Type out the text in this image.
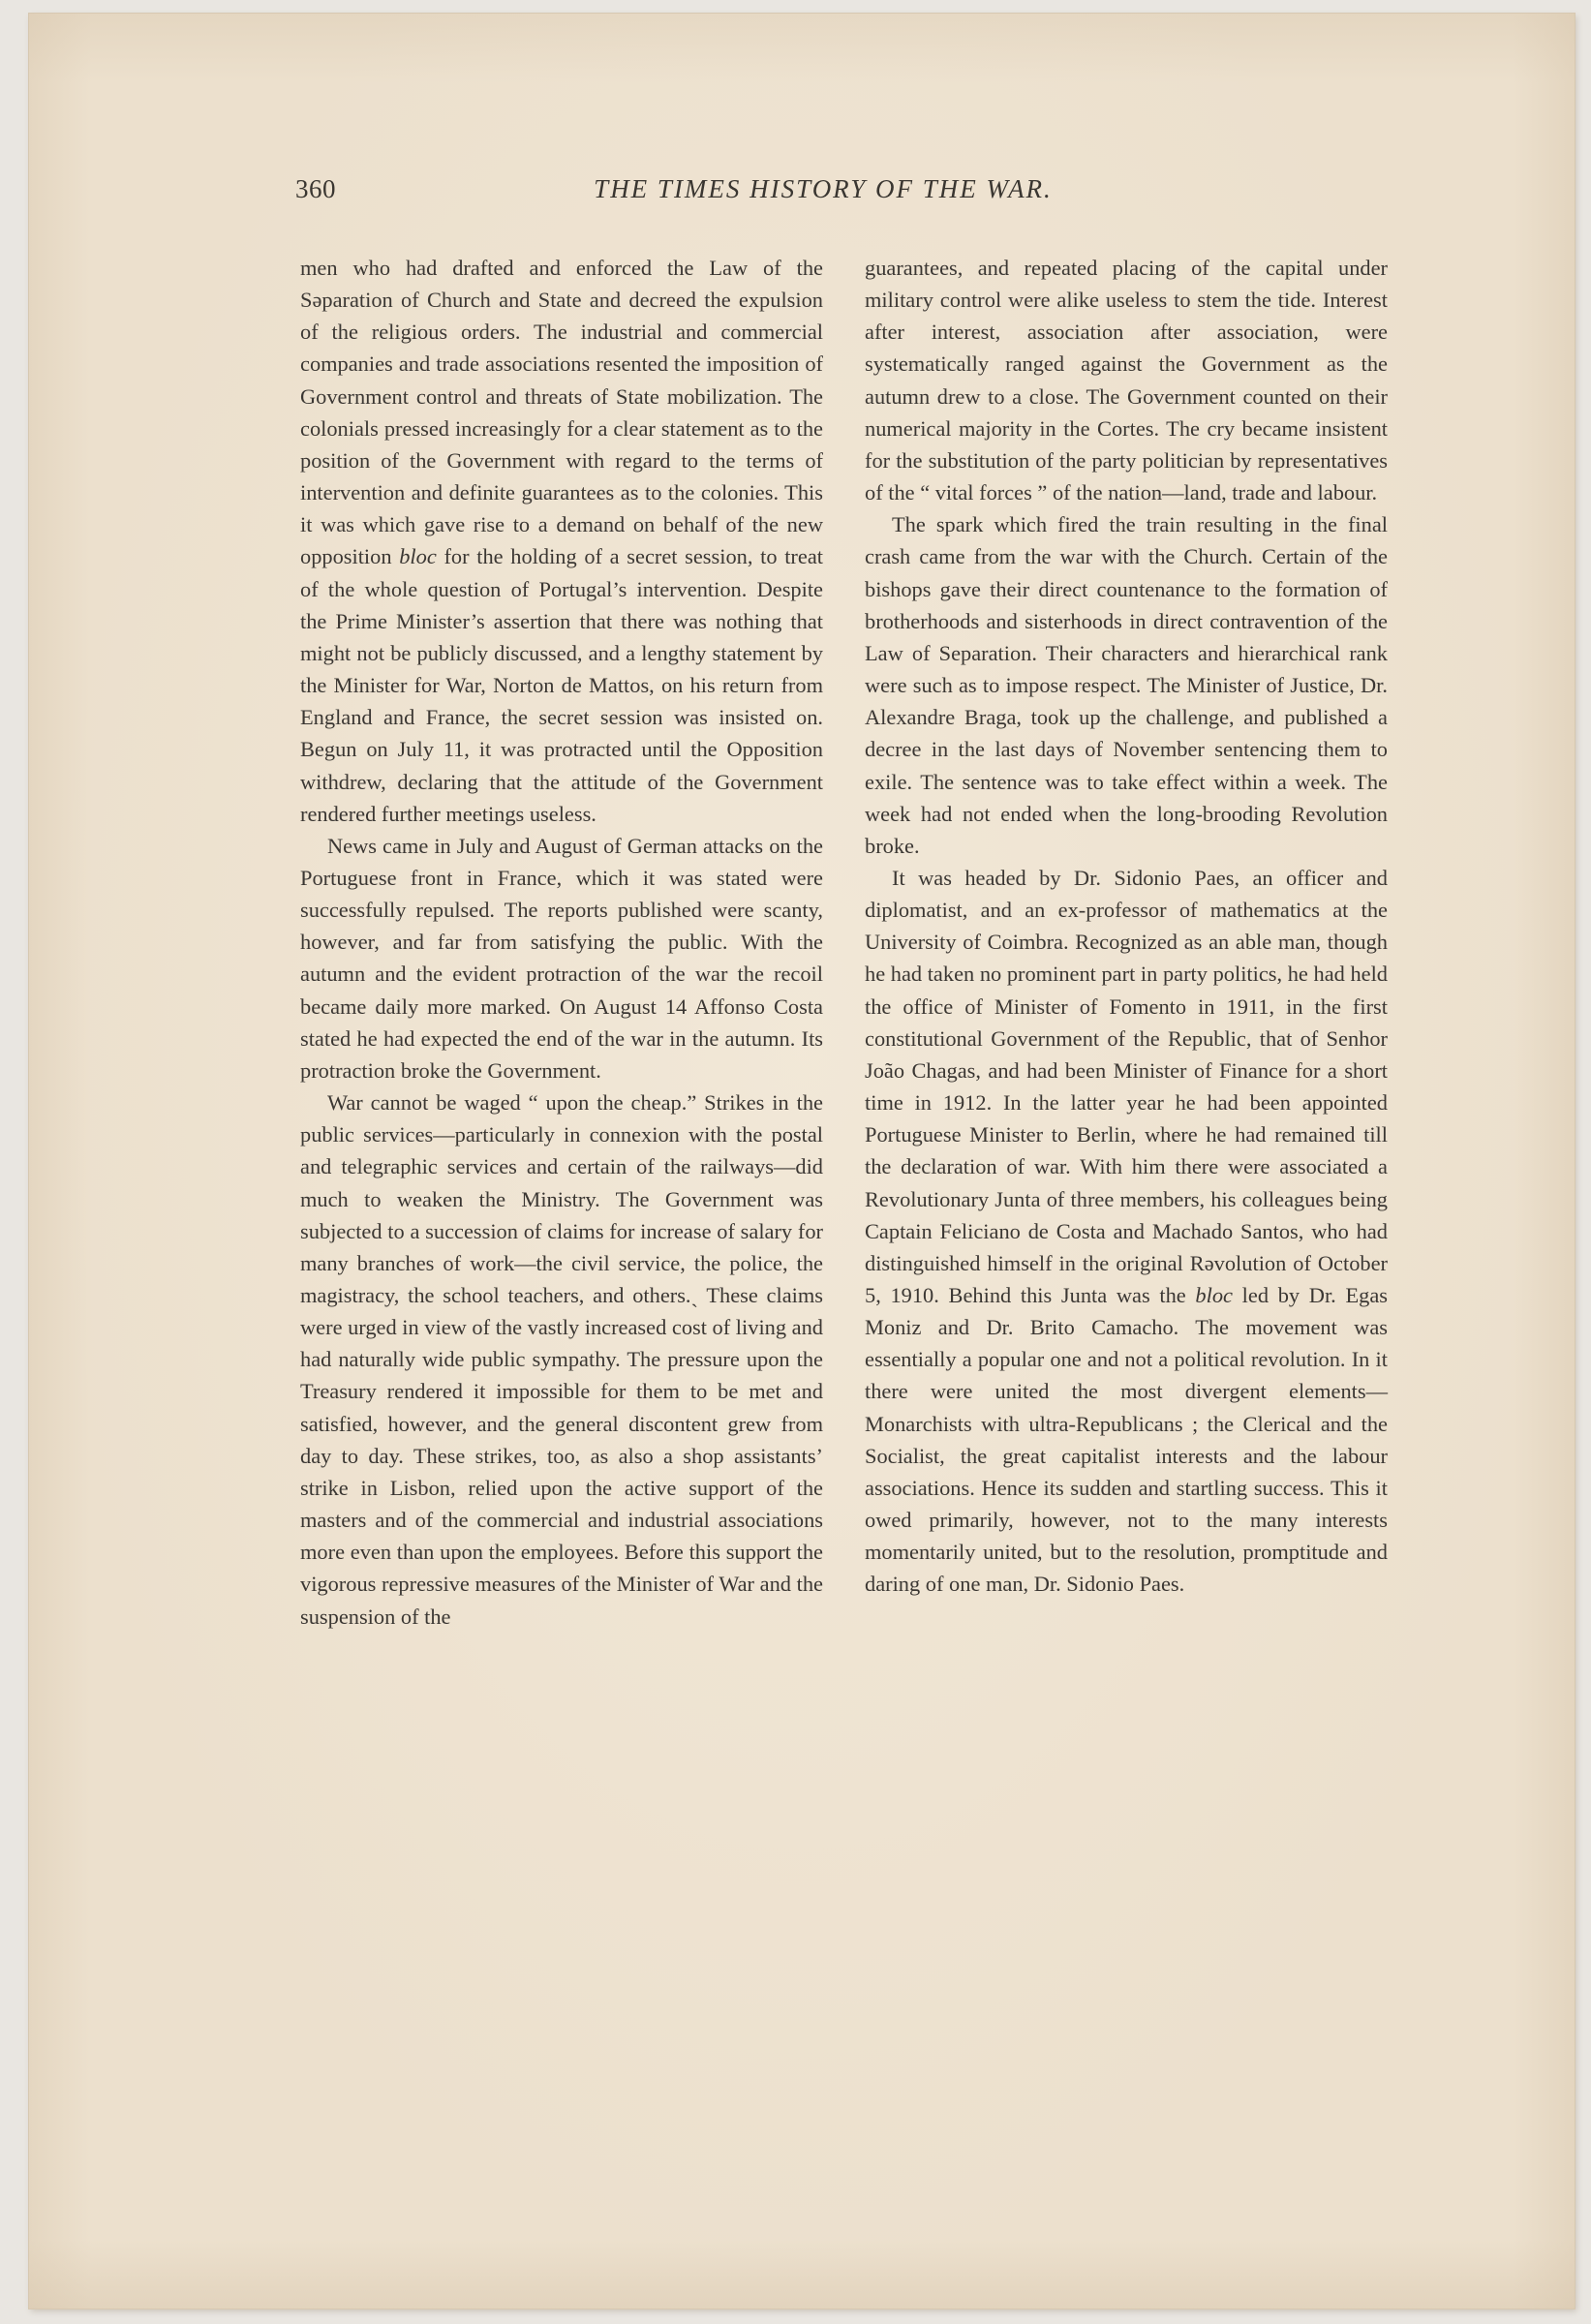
360	THE TIMES HISTORY OF THE WAR.

men who had drafted and enforced the Law of the Səparation of Church and State and decreed the expulsion of the religious orders. The industrial and commercial companies and trade associations resented the imposition of Government control and threats of State mobilization. The colonials pressed increasingly for a clear statement as to the position of the Government with regard to the terms of intervention and definite guarantees as to the colonies. This it was which gave rise to a demand on behalf of the new opposition bloc for the holding of a secret session, to treat of the whole question of Portugal’s intervention. Despite the Prime Minister’s assertion that there was nothing that might not be publicly discussed, and a lengthy statement by the Minister for War, Norton de Mattos, on his return from England and France, the secret session was insisted on. Begun on July 11, it was protracted until the Opposition withdrew, declaring that the attitude of the Government rendered further meetings useless.

News came in July and August of German attacks on the Portuguese front in France, which it was stated were successfully repulsed. The reports published were scanty, however, and far from satisfying the public. With the autumn and the evident protraction of the war the recoil became daily more marked. On August 14 Affonso Costa stated he had expected the end of the war in the autumn. Its protraction broke the Government.

War cannot be waged “ upon the cheap.” Strikes in the public services—particularly in connexion with the postal and telegraphic services and certain of the railways—did much to weaken the Ministry. The Government was subjected to a succession of claims for increase of salary for many branches of work—the civil service, the police, the magistracy, the school teachers, and others.ˎ These claims were urged in view of the vastly increased cost of living and had naturally wide public sympathy. The pressure upon the Treasury rendered it impossible for them to be met and satisfied, however, and the general discontent grew from day to day. These strikes, too, as also a shop assistants’ strike in Lisbon, relied upon the active support of the masters and of the commercial and industrial associations more even than upon the employees. Before this support the vigorous repressive measures of the Minister of War and the suspension of the

guarantees, and repeated placing of the capital under military control were alike useless to stem the tide. Interest after interest, association after association, were systematically ranged against the Government as the autumn drew to a close. The Government counted on their numerical majority in the Cortes. The cry became insistent for the substitution of the party politician by representatives of the “ vital forces ” of the nation—land, trade and labour.

The spark which fired the train resulting in the final crash came from the war with the Church. Certain of the bishops gave their direct countenance to the formation of brotherhoods and sisterhoods in direct contravention of the Law of Separation. Their characters and hierarchical rank were such as to impose respect. The Minister of Justice, Dr. Alexandre Braga, took up the challenge, and published a decree in the last days of November sentencing them to exile. The sentence was to take effect within a week. The week had not ended when the long-brooding Revolution broke.

It was headed by Dr. Sidonio Paes, an officer and diplomatist, and an ex-professor of mathematics at the University of Coimbra. Recognized as an able man, though he had taken no prominent part in party politics, he had held the office of Minister of Fomento in 1911, in the first constitutional Government of the Republic, that of Senhor João Chagas, and had been Minister of Finance for a short time in 1912. In the latter year he had been appointed Portuguese Minister to Berlin, where he had remained till the declaration of war. With him there were associated a Revolutionary Junta of three members, his colleagues being Captain Feliciano de Costa and Machado Santos, who had distinguished himself in the original Rəvolution of October 5, 1910. Behind this Junta was the bloc led by Dr. Egas Moniz and Dr. Brito Camacho. The movement was essentially a popular one and not a political revolution. In it there were united the most divergent elements—Monarchists with ultra-Republicans ; the Clerical and the Socialist, the great capitalist interests and the labour associations. Hence its sudden and startling success. This it owed primarily, however, not to the many interests momentarily united, but to the resolution, promptitude and daring of one man, Dr. Sidonio Paes.
